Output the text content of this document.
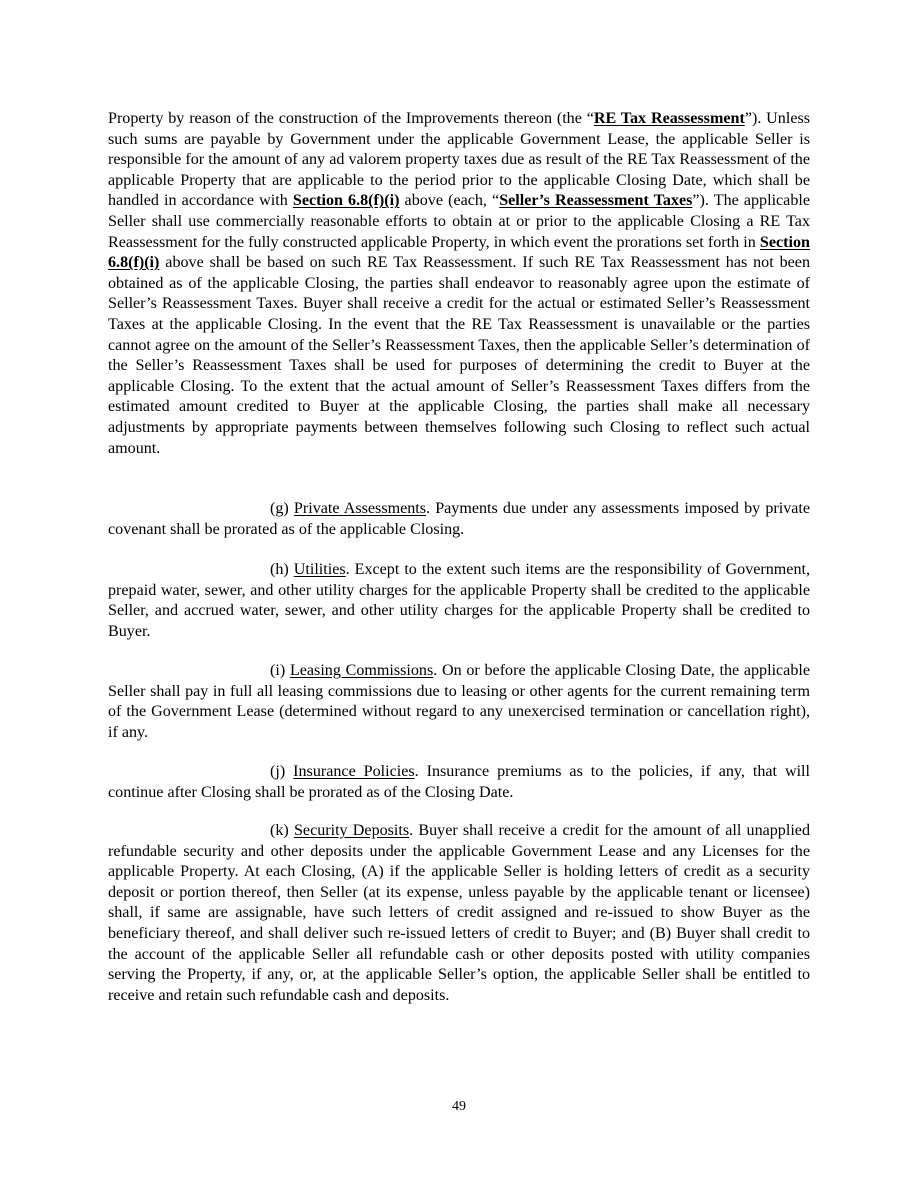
Property by reason of the construction of the Improvements thereon (the “RE Tax Reassessment”). Unless such sums are payable by Government under the applicable Government Lease, the applicable Seller is responsible for the amount of any ad valorem property taxes due as result of the RE Tax Reassessment of the applicable Property that are applicable to the period prior to the applicable Closing Date, which shall be handled in accordance with Section 6.8(f)(i) above (each, “Seller’s Reassessment Taxes”). The applicable Seller shall use commercially reasonable efforts to obtain at or prior to the applicable Closing a RE Tax Reassessment for the fully constructed applicable Property, in which event the prorations set forth in Section 6.8(f)(i) above shall be based on such RE Tax Reassessment. If such RE Tax Reassessment has not been obtained as of the applicable Closing, the parties shall endeavor to reasonably agree upon the estimate of Seller’s Reassessment Taxes. Buyer shall receive a credit for the actual or estimated Seller’s Reassessment Taxes at the applicable Closing. In the event that the RE Tax Reassessment is unavailable or the parties cannot agree on the amount of the Seller’s Reassessment Taxes, then the applicable Seller’s determination of the Seller’s Reassessment Taxes shall be used for purposes of determining the credit to Buyer at the applicable Closing. To the extent that the actual amount of Seller’s Reassessment Taxes differs from the estimated amount credited to Buyer at the applicable Closing, the parties shall make all necessary adjustments by appropriate payments between themselves following such Closing to reflect such actual amount.

(g) Private Assessments. Payments due under any assessments imposed by private covenant shall be prorated as of the applicable Closing.

(h) Utilities. Except to the extent such items are the responsibility of Government, prepaid water, sewer, and other utility charges for the applicable Property shall be credited to the applicable Seller, and accrued water, sewer, and other utility charges for the applicable Property shall be credited to Buyer.

(i) Leasing Commissions. On or before the applicable Closing Date, the applicable Seller shall pay in full all leasing commissions due to leasing or other agents for the current remaining term of the Government Lease (determined without regard to any unexercised termination or cancellation right), if any.

(j) Insurance Policies. Insurance premiums as to the policies, if any, that will continue after Closing shall be prorated as of the Closing Date.

(k) Security Deposits. Buyer shall receive a credit for the amount of all unapplied refundable security and other deposits under the applicable Government Lease and any Licenses for the applicable Property. At each Closing, (A) if the applicable Seller is holding letters of credit as a security deposit or portion thereof, then Seller (at its expense, unless payable by the applicable tenant or licensee) shall, if same are assignable, have such letters of credit assigned and re-issued to show Buyer as the beneficiary thereof, and shall deliver such re-issued letters of credit to Buyer; and (B) Buyer shall credit to the account of the applicable Seller all refundable cash or other deposits posted with utility companies serving the Property, if any, or, at the applicable Seller’s option, the applicable Seller shall be entitled to receive and retain such refundable cash and deposits.

49
